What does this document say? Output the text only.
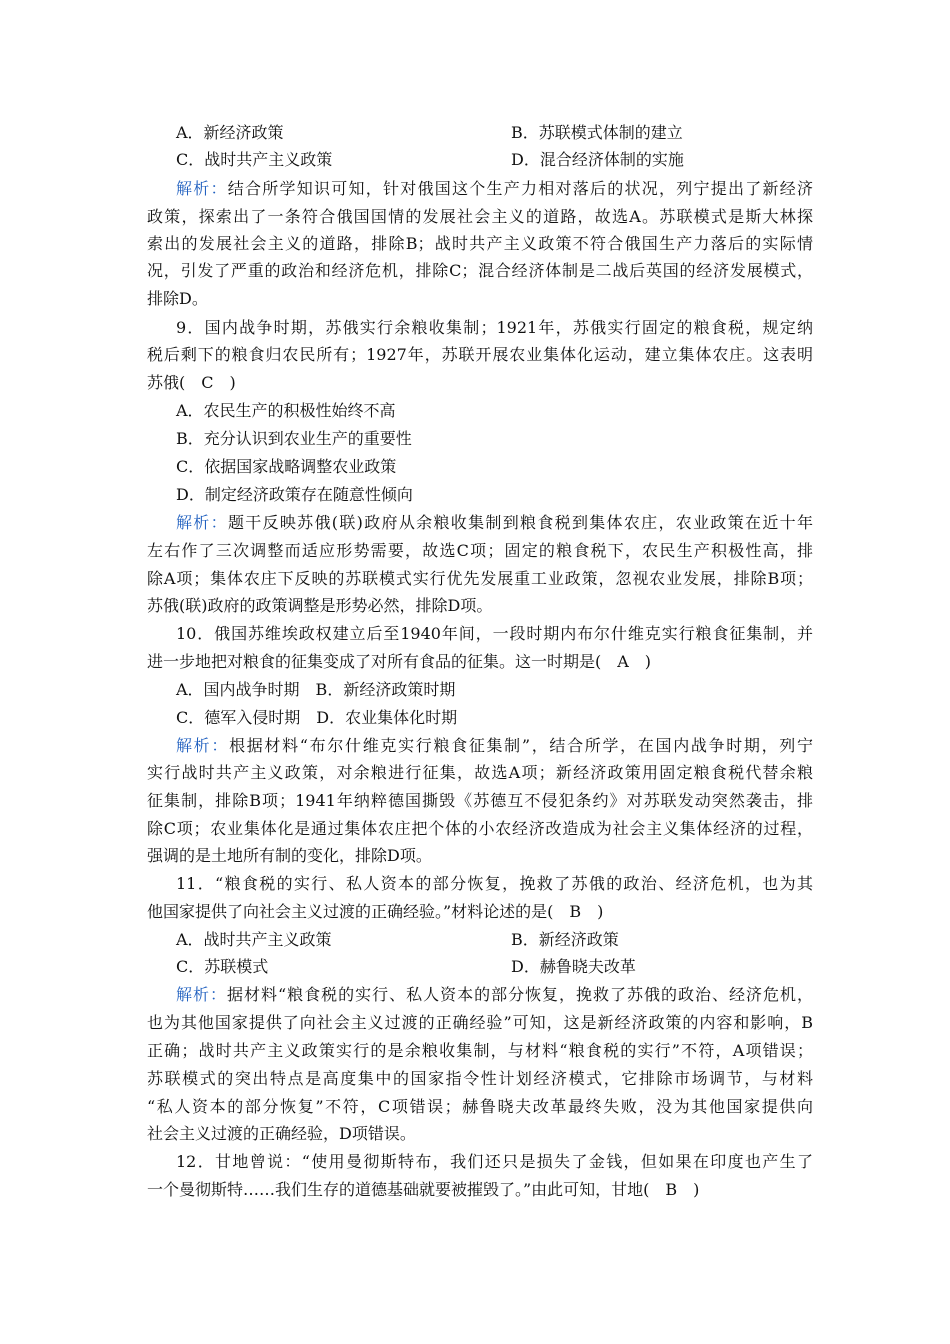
A．新经济政策	B．苏联模式体制的建立
C．战时共产主义政策	D．混合经济体制的实施
解析：结合所学知识可知，针对俄国这个生产力相对落后的状况，列宁提出了新经济
政策，探索出了一条符合俄国国情的发展社会主义的道路，故选A。苏联模式是斯大林探
索出的发展社会主义的道路，排除B；战时共产主义政策不符合俄国生产力落后的实际情
况，引发了严重的政治和经济危机，排除C；混合经济体制是二战后英国的经济发展模式，
排除D。
9．国内战争时期，苏俄实行余粮收集制；1921年，苏俄实行固定的粮食税，规定纳
税后剩下的粮食归农民所有；1927年，苏联开展农业集体化运动，建立集体农庄。这表明
苏俄(　C　)
A．农民生产的积极性始终不高
B．充分认识到农业生产的重要性
C．依据国家战略调整农业政策
D．制定经济政策存在随意性倾向
解析：题干反映苏俄(联)政府从余粮收集制到粮食税到集体农庄，农业政策在近十年
左右作了三次调整而适应形势需要，故选C项；固定的粮食税下，农民生产积极性高，排
除A项；集体农庄下反映的苏联模式实行优先发展重工业政策，忽视农业发展，排除B项；
苏俄(联)政府的政策调整是形势必然，排除D项。
10．俄国苏维埃政权建立后至1940年间，一段时期内布尔什维克实行粮食征集制，并
进一步地把对粮食的征集变成了对所有食品的征集。这一时期是(　A　)
A．国内战争时期　B．新经济政策时期
C．德军入侵时期　D．农业集体化时期
解析：根据材料“布尔什维克实行粮食征集制”，结合所学，在国内战争时期，列宁
实行战时共产主义政策，对余粮进行征集，故选A项；新经济政策用固定粮食税代替余粮
征集制，排除B项；1941年纳粹德国撕毁《苏德互不侵犯条约》对苏联发动突然袭击，排
除C项；农业集体化是通过集体农庄把个体的小农经济改造成为社会主义集体经济的过程，
强调的是土地所有制的变化，排除D项。
11．“粮食税的实行、私人资本的部分恢复，挽救了苏俄的政治、经济危机，也为其
他国家提供了向社会主义过渡的正确经验。”材料论述的是(　B　)
A．战时共产主义政策	B．新经济政策
C．苏联模式	D．赫鲁晓夫改革
解析：据材料“粮食税的实行、私人资本的部分恢复，挽救了苏俄的政治、经济危机，
也为其他国家提供了向社会主义过渡的正确经验”可知，这是新经济政策的内容和影响，B
正确；战时共产主义政策实行的是余粮收集制，与材料“粮食税的实行”不符，A项错误；
苏联模式的突出特点是高度集中的国家指令性计划经济模式，它排除市场调节，与材料
“私人资本的部分恢复”不符，C项错误；赫鲁晓夫改革最终失败，没为其他国家提供向
社会主义过渡的正确经验，D项错误。
12．甘地曾说：“使用曼彻斯特布，我们还只是损失了金钱，但如果在印度也产生了
一个曼彻斯特……我们生存的道德基础就要被摧毁了。”由此可知，甘地(　B　)
